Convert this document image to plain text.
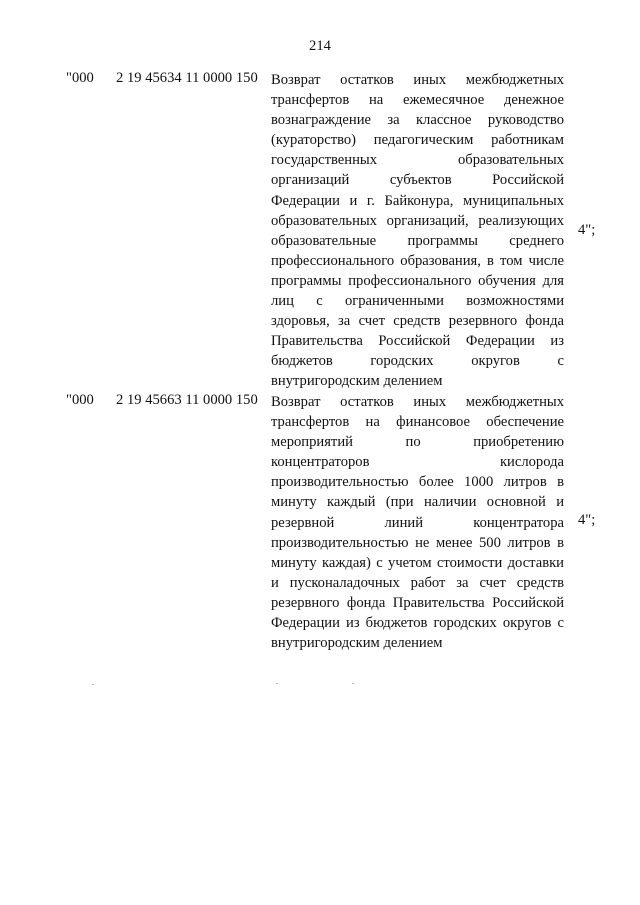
214
"000 2 19 45634 11 0000 150 Возврат остатков иных межбюджетных
трансфертов на ежемесячное денежное
вознаграждение за классное руководство
(кураторство) педагогическим работникам
государственных образовательных
организаций субъектов Российской
Федерации и г. Байконура, муниципальных
образовательных организаций, реализующих
образовательные программы среднего
профессионального образования, в том числе
программы профессионального обучения для
лиц с ограниченными возможностями
здоровья, за счет средств резервного фонда
Правительства Российской Федерации из
бюджетов городских округов с
внутригородским делением
4";
"000 2 19 45663 11 0000 150 Возврат остатков иных межбюджетных
трансфертов на финансовое обеспечение
мероприятий по приобретению
концентраторов кислорода
производительностью более 1000 литров в
минуту каждый (при наличии основной и
резервной линий концентратора
производительностью не менее 500 литров в
минуту каждая) с учетом стоимости доставки
и пусконаладочных работ за счет средств
резервного фонда Правительства Российской
Федерации из бюджетов городских округов с
внутригородским делением
4";
